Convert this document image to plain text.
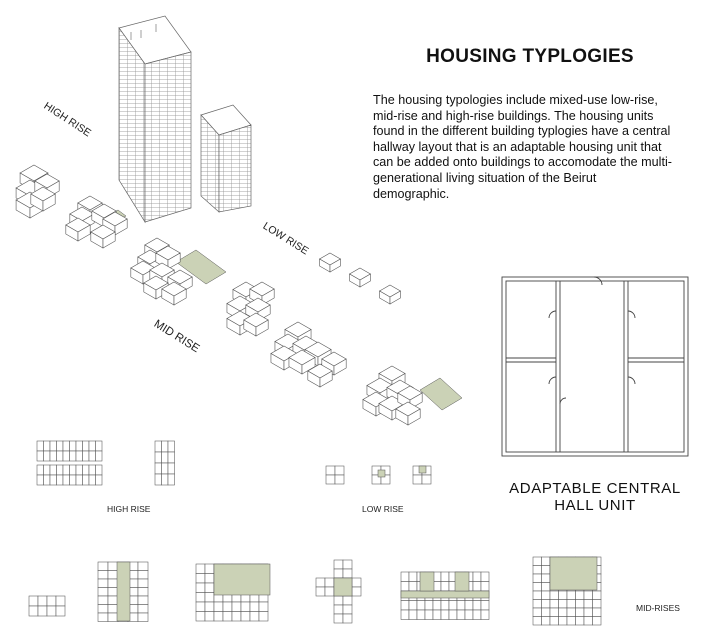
HOUSING TYPLOGIES
The housing typologies include mixed-use low-rise, mid-rise and high-rise buildings. The housing units found in the different building typlogies have a central hallway layout that is an adaptable housing unit that can be added onto buildings to accomodate the multi-generational living situation of the Beirut demographic.
HIGH RISE
LOW RISE
MID RISE
HIGH RISE	LOW RISE
MID-RISES
ADAPTABLE CENTRAL
HALL UNIT
